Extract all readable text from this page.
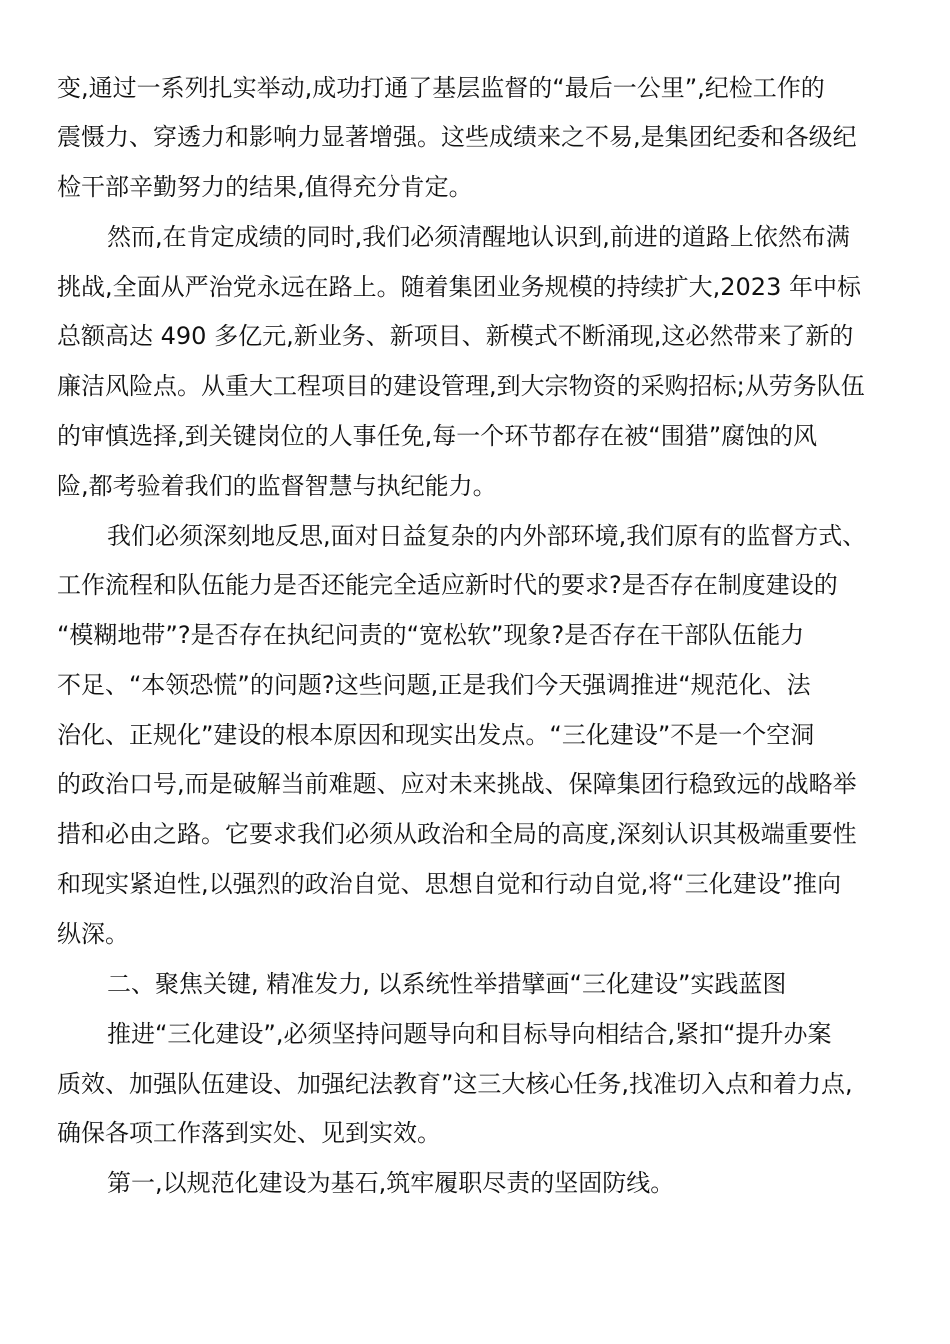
变,通过一系列扎实举动,成功打通了基层监督的“最后一公里”,纪检工作的
震慑力、穿透力和影响力显著增强。这些成绩来之不易,是集团纪委和各级纪
检干部辛勤努力的结果,值得充分肯定。
然而,在肯定成绩的同时,我们必须清醒地认识到,前进的道路上依然布满
挑战,全面从严治党永远在路上。随着集团业务规模的持续扩大,2023 年中标
总额高达 490 多亿元,新业务、新项目、新模式不断涌现,这必然带来了新的
廉洁风险点。从重大工程项目的建设管理,到大宗物资的采购招标;从劳务队伍
的审慎选择,到关键岗位的人事任免,每一个环节都存在被“围猎”腐蚀的风
险,都考验着我们的监督智慧与执纪能力。
我们必须深刻地反思,面对日益复杂的内外部环境,我们原有的监督方式、
工作流程和队伍能力是否还能完全适应新时代的要求?是否存在制度建设的
“模糊地带”?是否存在执纪问责的“宽松软”现象?是否存在干部队伍能力
不足、“本领恐慌”的问题?这些问题,正是我们今天强调推进“规范化、法
治化、正规化”建设的根本原因和现实出发点。“三化建设”不是一个空洞
的政治口号,而是破解当前难题、应对未来挑战、保障集团行稳致远的战略举
措和必由之路。它要求我们必须从政治和全局的高度,深刻认识其极端重要性
和现实紧迫性,以强烈的政治自觉、思想自觉和行动自觉,将“三化建设”推向
纵深。
二、聚焦关键, 精准发力, 以系统性举措擘画“三化建设”实践蓝图
推进“三化建设”,必须坚持问题导向和目标导向相结合,紧扣“提升办案
质效、加强队伍建设、加强纪法教育”这三大核心任务,找准切入点和着力点,
确保各项工作落到实处、见到实效。
第一,以规范化建设为基石,筑牢履职尽责的坚固防线。
